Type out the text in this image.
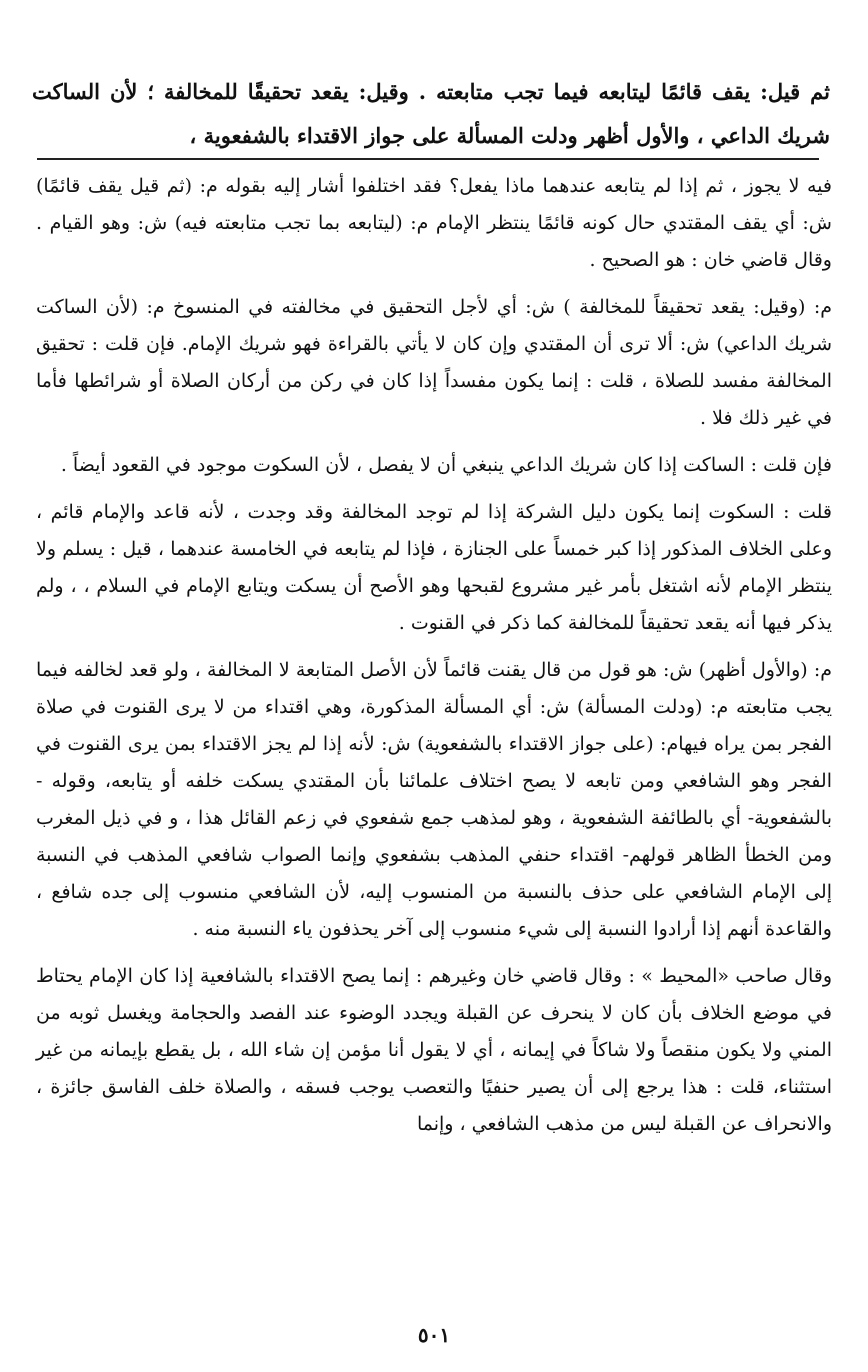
ثم قيل: يقف قائمًا ليتابعه فيما تجب متابعته . وقيل: يقعد تحقيقًا للمخالفة ؛ لأن الساكت شريك الداعي ، والأول أظهر ودلت المسألة على جواز الاقتداء بالشفعوية ،

فيه لا يجوز ، ثم إذا لم يتابعه عندهما ماذا يفعل؟ فقد اختلفوا أشار إليه بقوله م: (ثم قيل يقف قائمًا) ش: أي يقف المقتدي حال كونه قائمًا ينتظر الإمام م: (ليتابعه بما تجب متابعته فيه) ش: وهو القيام . وقال قاضي خان : هو الصحيح .

م: (وقيل: يقعد تحقيقاً للمخالفة ) ش: أي لأجل التحقيق في مخالفته في المنسوخ م: (لأن الساكت شريك الداعي) ش: ألا ترى أن المقتدي وإن كان لا يأتي بالقراءة فهو شريك الإمام. فإن قلت : تحقيق المخالفة مفسد للصلاة ، قلت : إنما يكون مفسداً إذا كان في ركن من أركان الصلاة أو شرائطها فأما في غير ذلك فلا .

فإن قلت : الساكت إذا كان شريك الداعي ينبغي أن لا يفصل ، لأن السكوت موجود في القعود أيضاً .

قلت : السكوت إنما يكون دليل الشركة إذا لم توجد المخالفة وقد وجدت ، لأنه قاعد والإمام قائم ، وعلى الخلاف المذكور إذا كبر خمساً على الجنازة ، فإذا لم يتابعه في الخامسة عندهما ، قيل : يسلم ولا ينتظر الإمام لأنه اشتغل بأمر غير مشروع لقبحها وهو الأصح أن يسكت ويتابع الإمام في السلام ، ، ولم يذكر فيها أنه يقعد تحقيقاً للمخالفة كما ذكر في القنوت .

م: (والأول أظهر) ش: هو قول من قال يقنت قائماً لأن الأصل المتابعة لا المخالفة ، ولو قعد لخالفه فيما يجب متابعته م: (ودلت المسألة) ش: أي المسألة المذكورة، وهي اقتداء من لا يرى القنوت في صلاة الفجر بمن يراه فيهام: (على جواز الاقتداء بالشفعوية) ش: لأنه إذا لم يجز الاقتداء بمن يرى القنوت في الفجر وهو الشافعي ومن تابعه لا يصح اختلاف علمائنا بأن المقتدي يسكت خلفه أو يتابعه، وقوله - بالشفعوية- أي بالطائفة الشفعوية ، وهو لمذهب جمع شفعوي في زعم القائل هذا ، و في ذيل المغرب ومن الخطأ الظاهر قولهم- اقتداء حنفي المذهب بشفعوي وإنما الصواب شافعي المذهب في النسبة إلى الإمام الشافعي على حذف بالنسبة من المنسوب إليه، لأن الشافعي منسوب إلى جده شافع ، والقاعدة أنهم إذا أرادوا النسبة إلى شيء منسوب إلى آخر يحذفون ياء النسبة منه .

وقال صاحب «المحيط » : وقال قاضي خان وغيرهم : إنما يصح الاقتداء بالشافعية إذا كان الإمام يحتاط في موضع الخلاف بأن كان لا ينحرف عن القبلة ويجدد الوضوء عند الفصد والحجامة ويغسل ثوبه من المني ولا يكون منقصاً ولا شاكاً في إيمانه ، أي لا يقول أنا مؤمن إن شاء الله ، بل يقطع بإيمانه من غير استثناء، قلت : هذا يرجع إلى أن يصير حنفيًا والتعصب يوجب فسقه ، والصلاة خلف الفاسق جائزة ، والانحراف عن القبلة ليس من مذهب الشافعي ، وإنما

٥٠١
